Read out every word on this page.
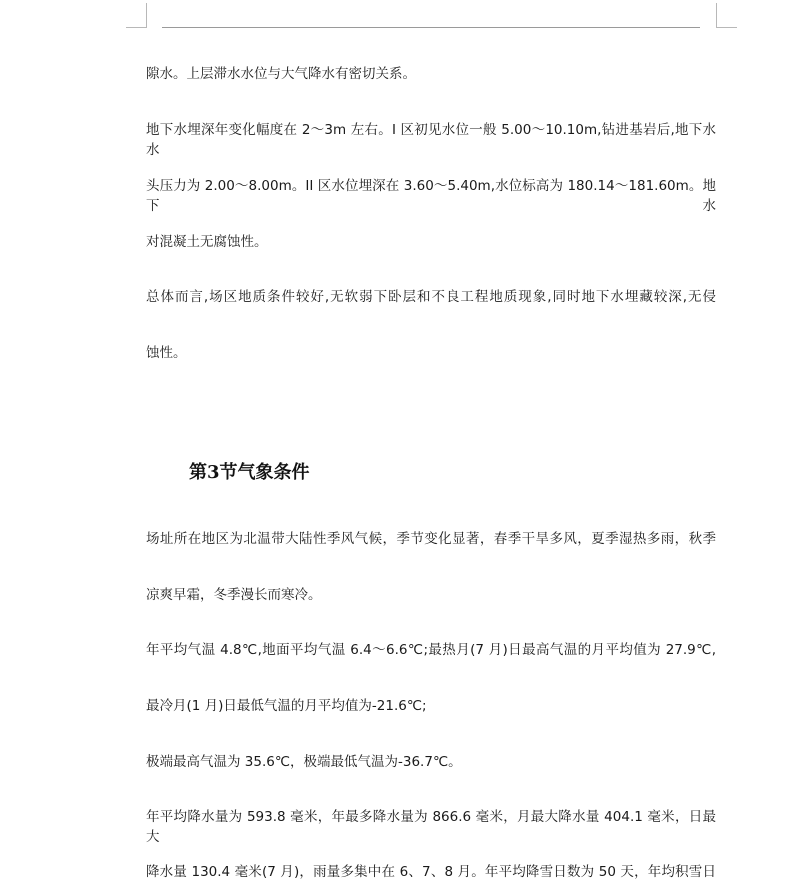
隙水。上层滞水水位与大气降水有密切关系。
地下水埋深年变化幅度在 2～3m 左右。I 区初见水位一般 5.00～10.10m,钻进基岩后,地下水水
头压力为 2.00～8.00m。II 区水位埋深在 3.60～5.40m,水位标高为 180.14～181.60m。地下水
对混凝土无腐蚀性。
总体而言,场区地质条件较好,无软弱下卧层和不良工程地质现象,同时地下水埋藏较深,无侵
蚀性。
第3节气象条件
场址所在地区为北温带大陆性季风气候，季节变化显著，春季干旱多风，夏季湿热多雨，秋季
凉爽早霜，冬季漫长而寒冷。
年平均气温 4.8℃,地面平均气温 6.4～6.6℃;最热月(7 月)日最高气温的月平均值为 27.9℃,
最冷月(1 月)日最低气温的月平均值为-21.6℃;
极端最高气温为 35.6℃，极端最低气温为-36.7℃。
年平均降水量为 593.8 毫米，年最多降水量为 866.6 毫米，月最大降水量 404.1 毫米，日最大
降水量 130.4 毫米(7 月)，雨量多集中在 6、7、8 月。年平均降雪日数为 50 天，年均积雪日
